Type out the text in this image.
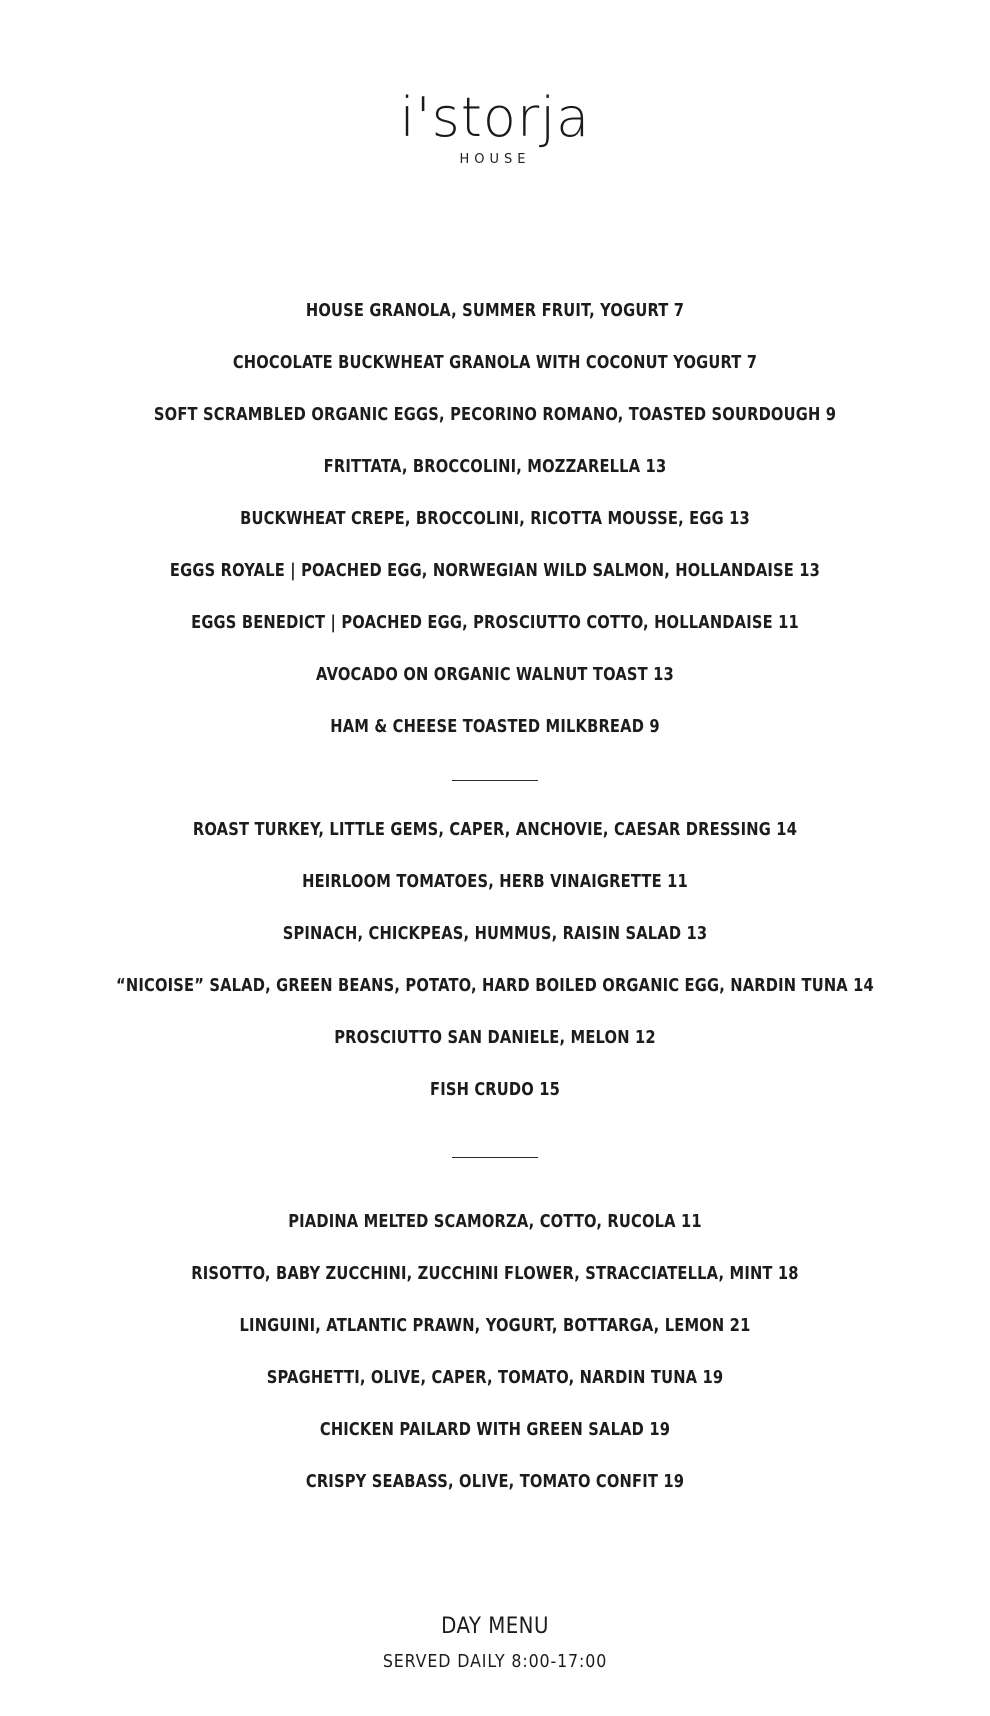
i'storja
HOUSE
HOUSE GRANOLA, SUMMER FRUIT, YOGURT 7
CHOCOLATE BUCKWHEAT GRANOLA WITH COCONUT YOGURT 7
SOFT SCRAMBLED ORGANIC EGGS, PECORINO ROMANO, TOASTED SOURDOUGH 9
FRITTATA, BROCCOLINI, MOZZARELLA 13
BUCKWHEAT CREPE, BROCCOLINI, RICOTTA MOUSSE, EGG 13
EGGS ROYALE | POACHED EGG, NORWEGIAN WILD SALMON, HOLLANDAISE 13
EGGS BENEDICT | POACHED EGG, PROSCIUTTO COTTO, HOLLANDAISE 11
AVOCADO ON ORGANIC WALNUT TOAST 13
HAM & CHEESE TOASTED MILKBREAD 9
ROAST TURKEY, LITTLE GEMS, CAPER, ANCHOVIE, CAESAR DRESSING 14
HEIRLOOM TOMATOES, HERB VINAIGRETTE 11
SPINACH, CHICKPEAS, HUMMUS, RAISIN SALAD 13
“NICOISE” SALAD, GREEN BEANS, POTATO, HARD BOILED ORGANIC EGG, NARDIN TUNA 14
PROSCIUTTO SAN DANIELE, MELON 12
FISH CRUDO 15
PIADINA MELTED SCAMORZA, COTTO, RUCOLA 11
RISOTTO, BABY ZUCCHINI, ZUCCHINI FLOWER, STRACCIATELLA, MINT 18
LINGUINI, ATLANTIC PRAWN, YOGURT, BOTTARGA, LEMON 21
SPAGHETTI, OLIVE, CAPER, TOMATO, NARDIN TUNA 19
CHICKEN PAILARD WITH GREEN SALAD 19
CRISPY SEABASS, OLIVE, TOMATO CONFIT 19
DAY MENU
SERVED DAILY 8:00-17:00
